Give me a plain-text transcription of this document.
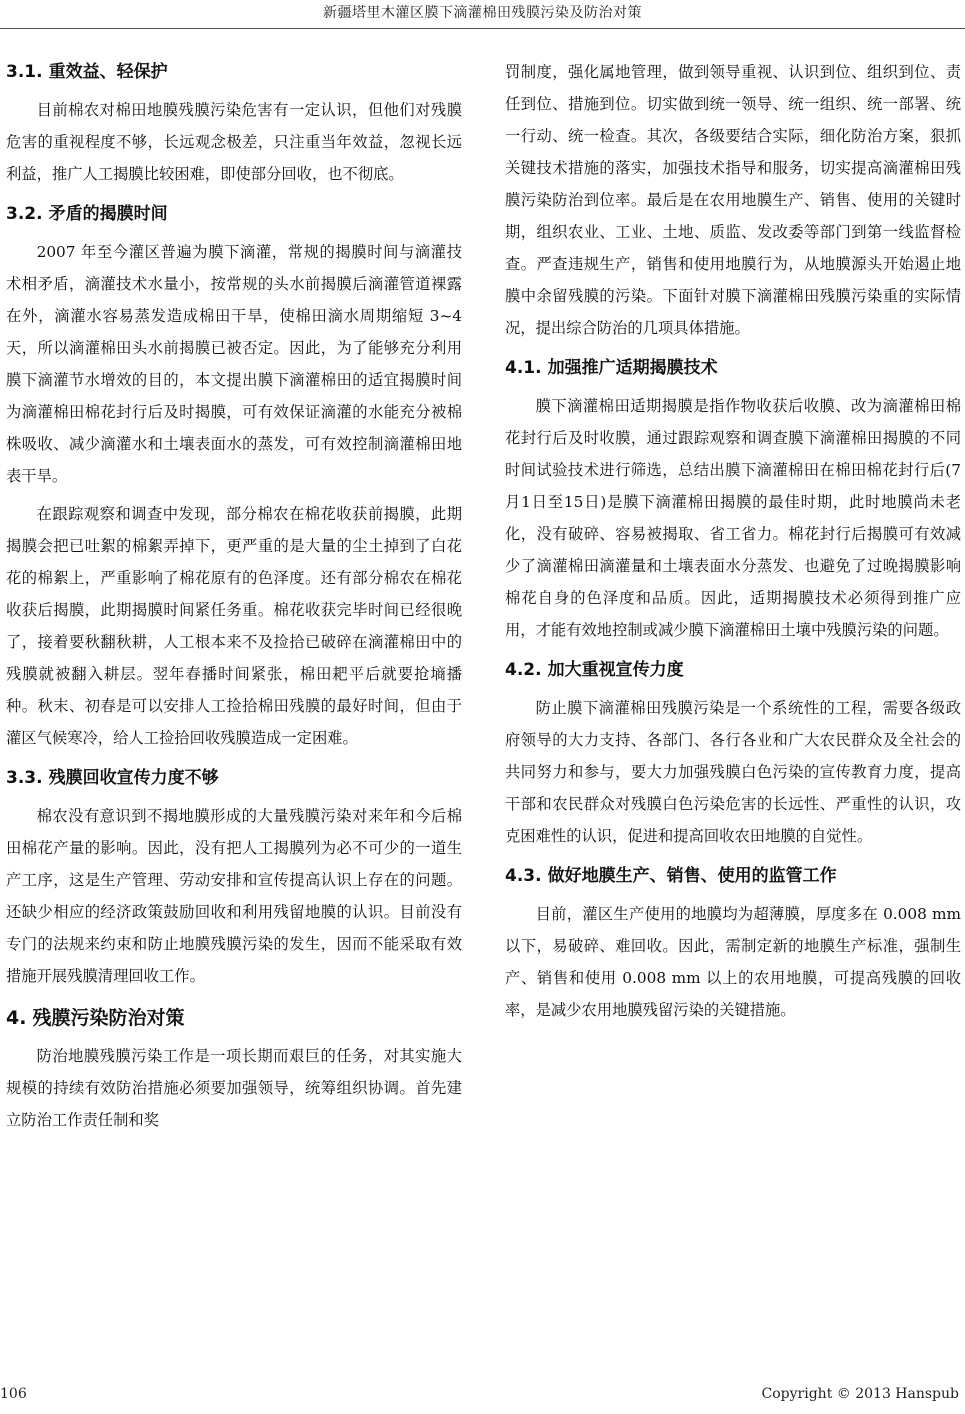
新疆塔里木灌区膜下滴灌棉田残膜污染及防治对策
3.1. 重效益、轻保护

目前棉农对棉田地膜残膜污染危害有一定认识，但他们对残膜危害的重视程度不够，长远观念极差，只注重当年效益，忽视长远利益，推广人工揭膜比较困难，即使部分回收，也不彻底。

3.2. 矛盾的揭膜时间

2007 年至今灌区普遍为膜下滴灌，常规的揭膜时间与滴灌技术相矛盾，滴灌技术水量小，按常规的头水前揭膜后滴灌管道裸露在外，滴灌水容易蒸发造成棉田干旱，使棉田滴水周期缩短 3~4 天，所以滴灌棉田头水前揭膜已被否定。因此，为了能够充分利用膜下滴灌节水增效的目的，本文提出膜下滴灌棉田的适宜揭膜时间为滴灌棉田棉花封行后及时揭膜，可有效保证滴灌的水能充分被棉株吸收、减少滴灌水和土壤表面水的蒸发，可有效控制滴灌棉田地表干旱。

在跟踪观察和调查中发现，部分棉农在棉花收获前揭膜，此期揭膜会把已吐絮的棉絮弄掉下，更严重的是大量的尘土掉到了白花花的棉絮上，严重影响了棉花原有的色泽度。还有部分棉农在棉花收获后揭膜，此期揭膜时间紧任务重。棉花收获完毕时间已经很晚了，接着要秋翻秋耕，人工根本来不及捡拾已破碎在滴灌棉田中的残膜就被翻入耕层。翌年春播时间紧张，棉田耙平后就要抢墒播种。秋末、初春是可以安排人工捡拾棉田残膜的最好时间，但由于灌区气候寒冷，给人工捡拾回收残膜造成一定困难。

3.3. 残膜回收宣传力度不够

棉农没有意识到不揭地膜形成的大量残膜污染对来年和今后棉田棉花产量的影响。因此，没有把人工揭膜列为必不可少的一道生产工序，这是生产管理、劳动安排和宣传提高认识上存在的问题。还缺少相应的经济政策鼓励回收和利用残留地膜的认识。目前没有专门的法规来约束和防止地膜残膜污染的发生，因而不能采取有效措施开展残膜清理回收工作。

4. 残膜污染防治对策

防治地膜残膜污染工作是一项长期而艰巨的任务，对其实施大规模的持续有效防治措施必须要加强领导，统筹组织协调。首先建立防治工作责任制和奖

罚制度，强化属地管理，做到领导重视、认识到位、组织到位、责任到位、措施到位。切实做到统一领导、统一组织、统一部署、统一行动、统一检查。其次，各级要结合实际，细化防治方案，狠抓关键技术措施的落实，加强技术指导和服务，切实提高滴灌棉田残膜污染防治到位率。最后是在农用地膜生产、销售、使用的关键时期，组织农业、工业、土地、质监、发改委等部门到第一线监督检查。严查违规生产，销售和使用地膜行为，从地膜源头开始遏止地膜中余留残膜的污染。下面针对膜下滴灌棉田残膜污染重的实际情况，提出综合防治的几项具体措施。

4.1. 加强推广适期揭膜技术

膜下滴灌棉田适期揭膜是指作物收获后收膜、改为滴灌棉田棉花封行后及时收膜，通过跟踪观察和调查膜下滴灌棉田揭膜的不同时间试验技术进行筛选，总结出膜下滴灌棉田在棉田棉花封行后(7月1日至15日)是膜下滴灌棉田揭膜的最佳时期，此时地膜尚未老化，没有破碎、容易被揭取、省工省力。棉花封行后揭膜可有效减少了滴灌棉田滴灌量和土壤表面水分蒸发、也避免了过晚揭膜影响棉花自身的色泽度和品质。因此，适期揭膜技术必须得到推广应用，才能有效地控制或减少膜下滴灌棉田土壤中残膜污染的问题。

4.2. 加大重视宣传力度

防止膜下滴灌棉田残膜污染是一个系统性的工程，需要各级政府领导的大力支持、各部门、各行各业和广大农民群众及全社会的共同努力和参与，要大力加强残膜白色污染的宣传教育力度，提高干部和农民群众对残膜白色污染危害的长远性、严重性的认识，攻克困难性的认识，促进和提高回收农田地膜的自觉性。

4.3. 做好地膜生产、销售、使用的监管工作

目前，灌区生产使用的地膜均为超薄膜，厚度多在 0.008 mm 以下，易破碎、难回收。因此，需制定新的地膜生产标准，强制生产、销售和使用 0.008 mm 以上的农用地膜，可提高残膜的回收率，是减少农用地膜残留污染的关键措施。

106	Copyright © 2013 Hanspub
